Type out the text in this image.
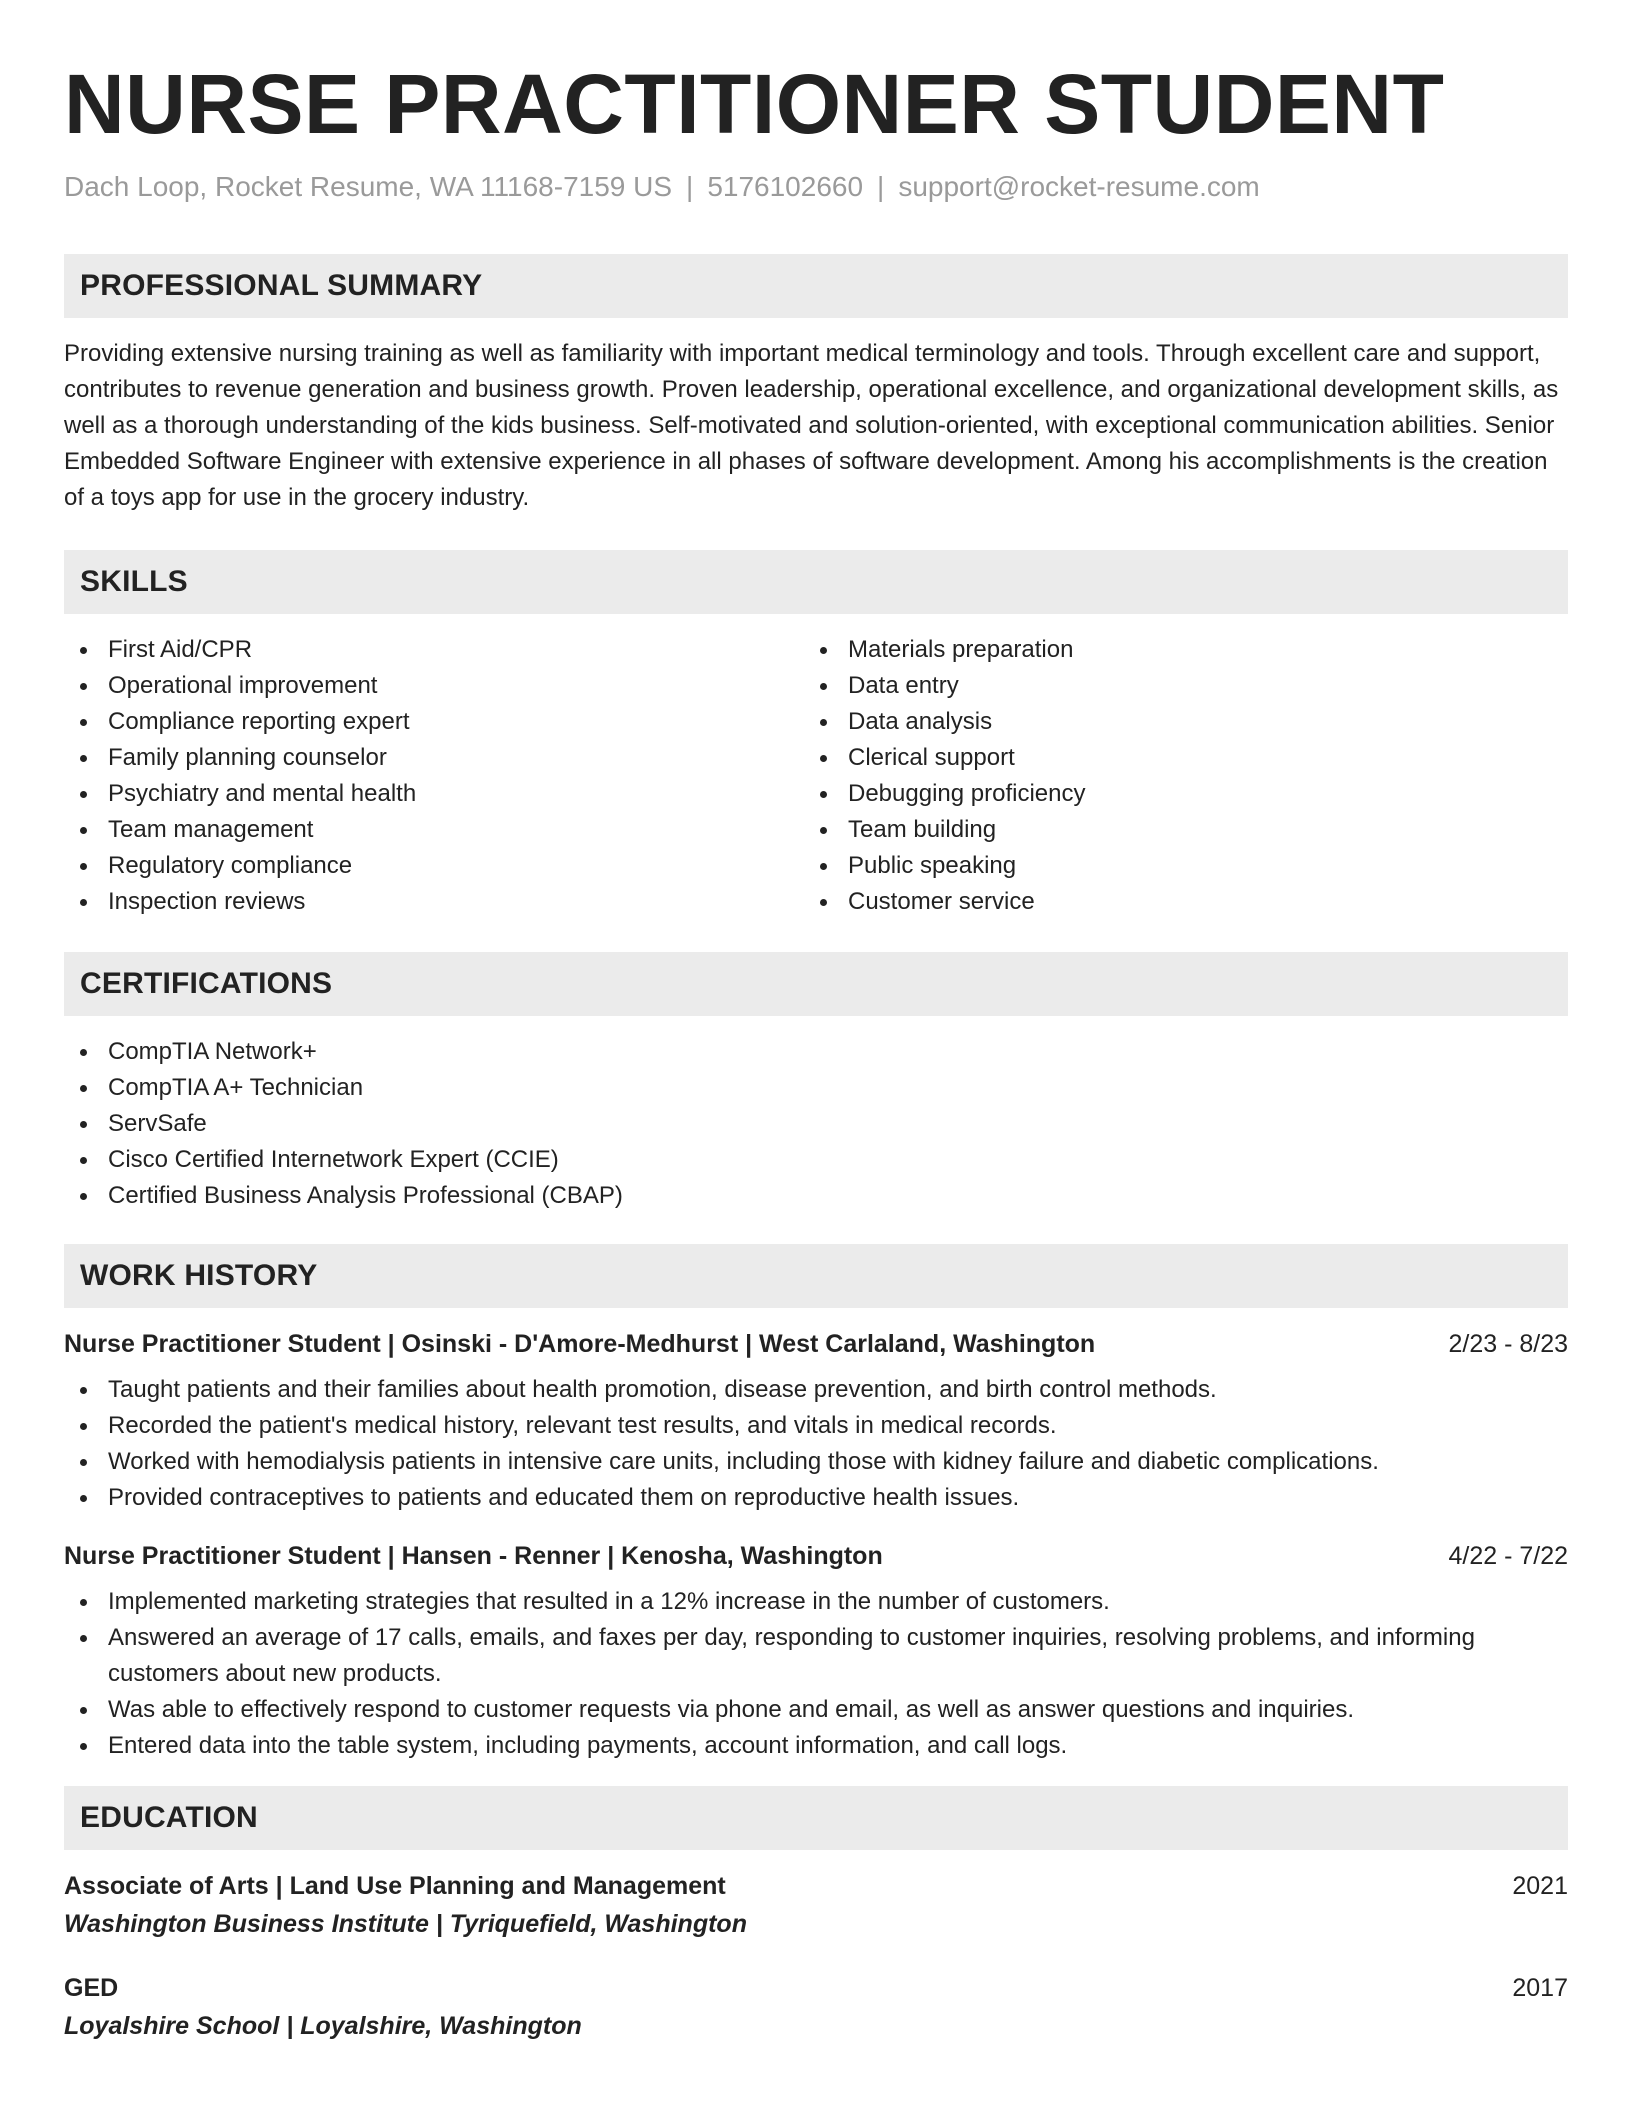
NURSE PRACTITIONER STUDENT
Dach Loop, Rocket Resume, WA 11168-7159 US | 5176102660 | support@rocket-resume.com
PROFESSIONAL SUMMARY

Providing extensive nursing training as well as familiarity with important medical terminology and tools. Through excellent care and support, contributes to revenue generation and business growth. Proven leadership, operational excellence, and organizational development skills, as well as a thorough understanding of the kids business. Self-motivated and solution-oriented, with exceptional communication abilities. Senior Embedded Software Engineer with extensive experience in all phases of software development. Among his accomplishments is the creation of a toys app for use in the grocery industry.

SKILLS
First Aid/CPR
Operational improvement
Compliance reporting expert
Family planning counselor
Psychiatry and mental health
Team management
Regulatory compliance
Inspection reviews
Materials preparation
Data entry
Data analysis
Clerical support
Debugging proficiency
Team building
Public speaking
Customer service
CERTIFICATIONS
CompTIA Network+
CompTIA A+ Technician
ServSafe
Cisco Certified Internetwork Expert (CCIE)
Certified Business Analysis Professional (CBAP)
WORK HISTORY
Nurse Practitioner Student | Osinski - D'Amore-Medhurst | West Carlaland, Washington	2/23 - 8/23
Taught patients and their families about health promotion, disease prevention, and birth control methods.
Recorded the patient's medical history, relevant test results, and vitals in medical records.
Worked with hemodialysis patients in intensive care units, including those with kidney failure and diabetic complications.
Provided contraceptives to patients and educated them on reproductive health issues.
Nurse Practitioner Student | Hansen - Renner | Kenosha, Washington	4/22 - 7/22
Implemented marketing strategies that resulted in a 12% increase in the number of customers.
Answered an average of 17 calls, emails, and faxes per day, responding to customer inquiries, resolving problems, and informing customers about new products.
Was able to effectively respond to customer requests via phone and email, as well as answer questions and inquiries.
Entered data into the table system, including payments, account information, and call logs.
EDUCATION
Associate of Arts | Land Use Planning and Management	2021
Washington Business Institute | Tyriquefield, Washington
GED	2017
Loyalshire School | Loyalshire, Washington
